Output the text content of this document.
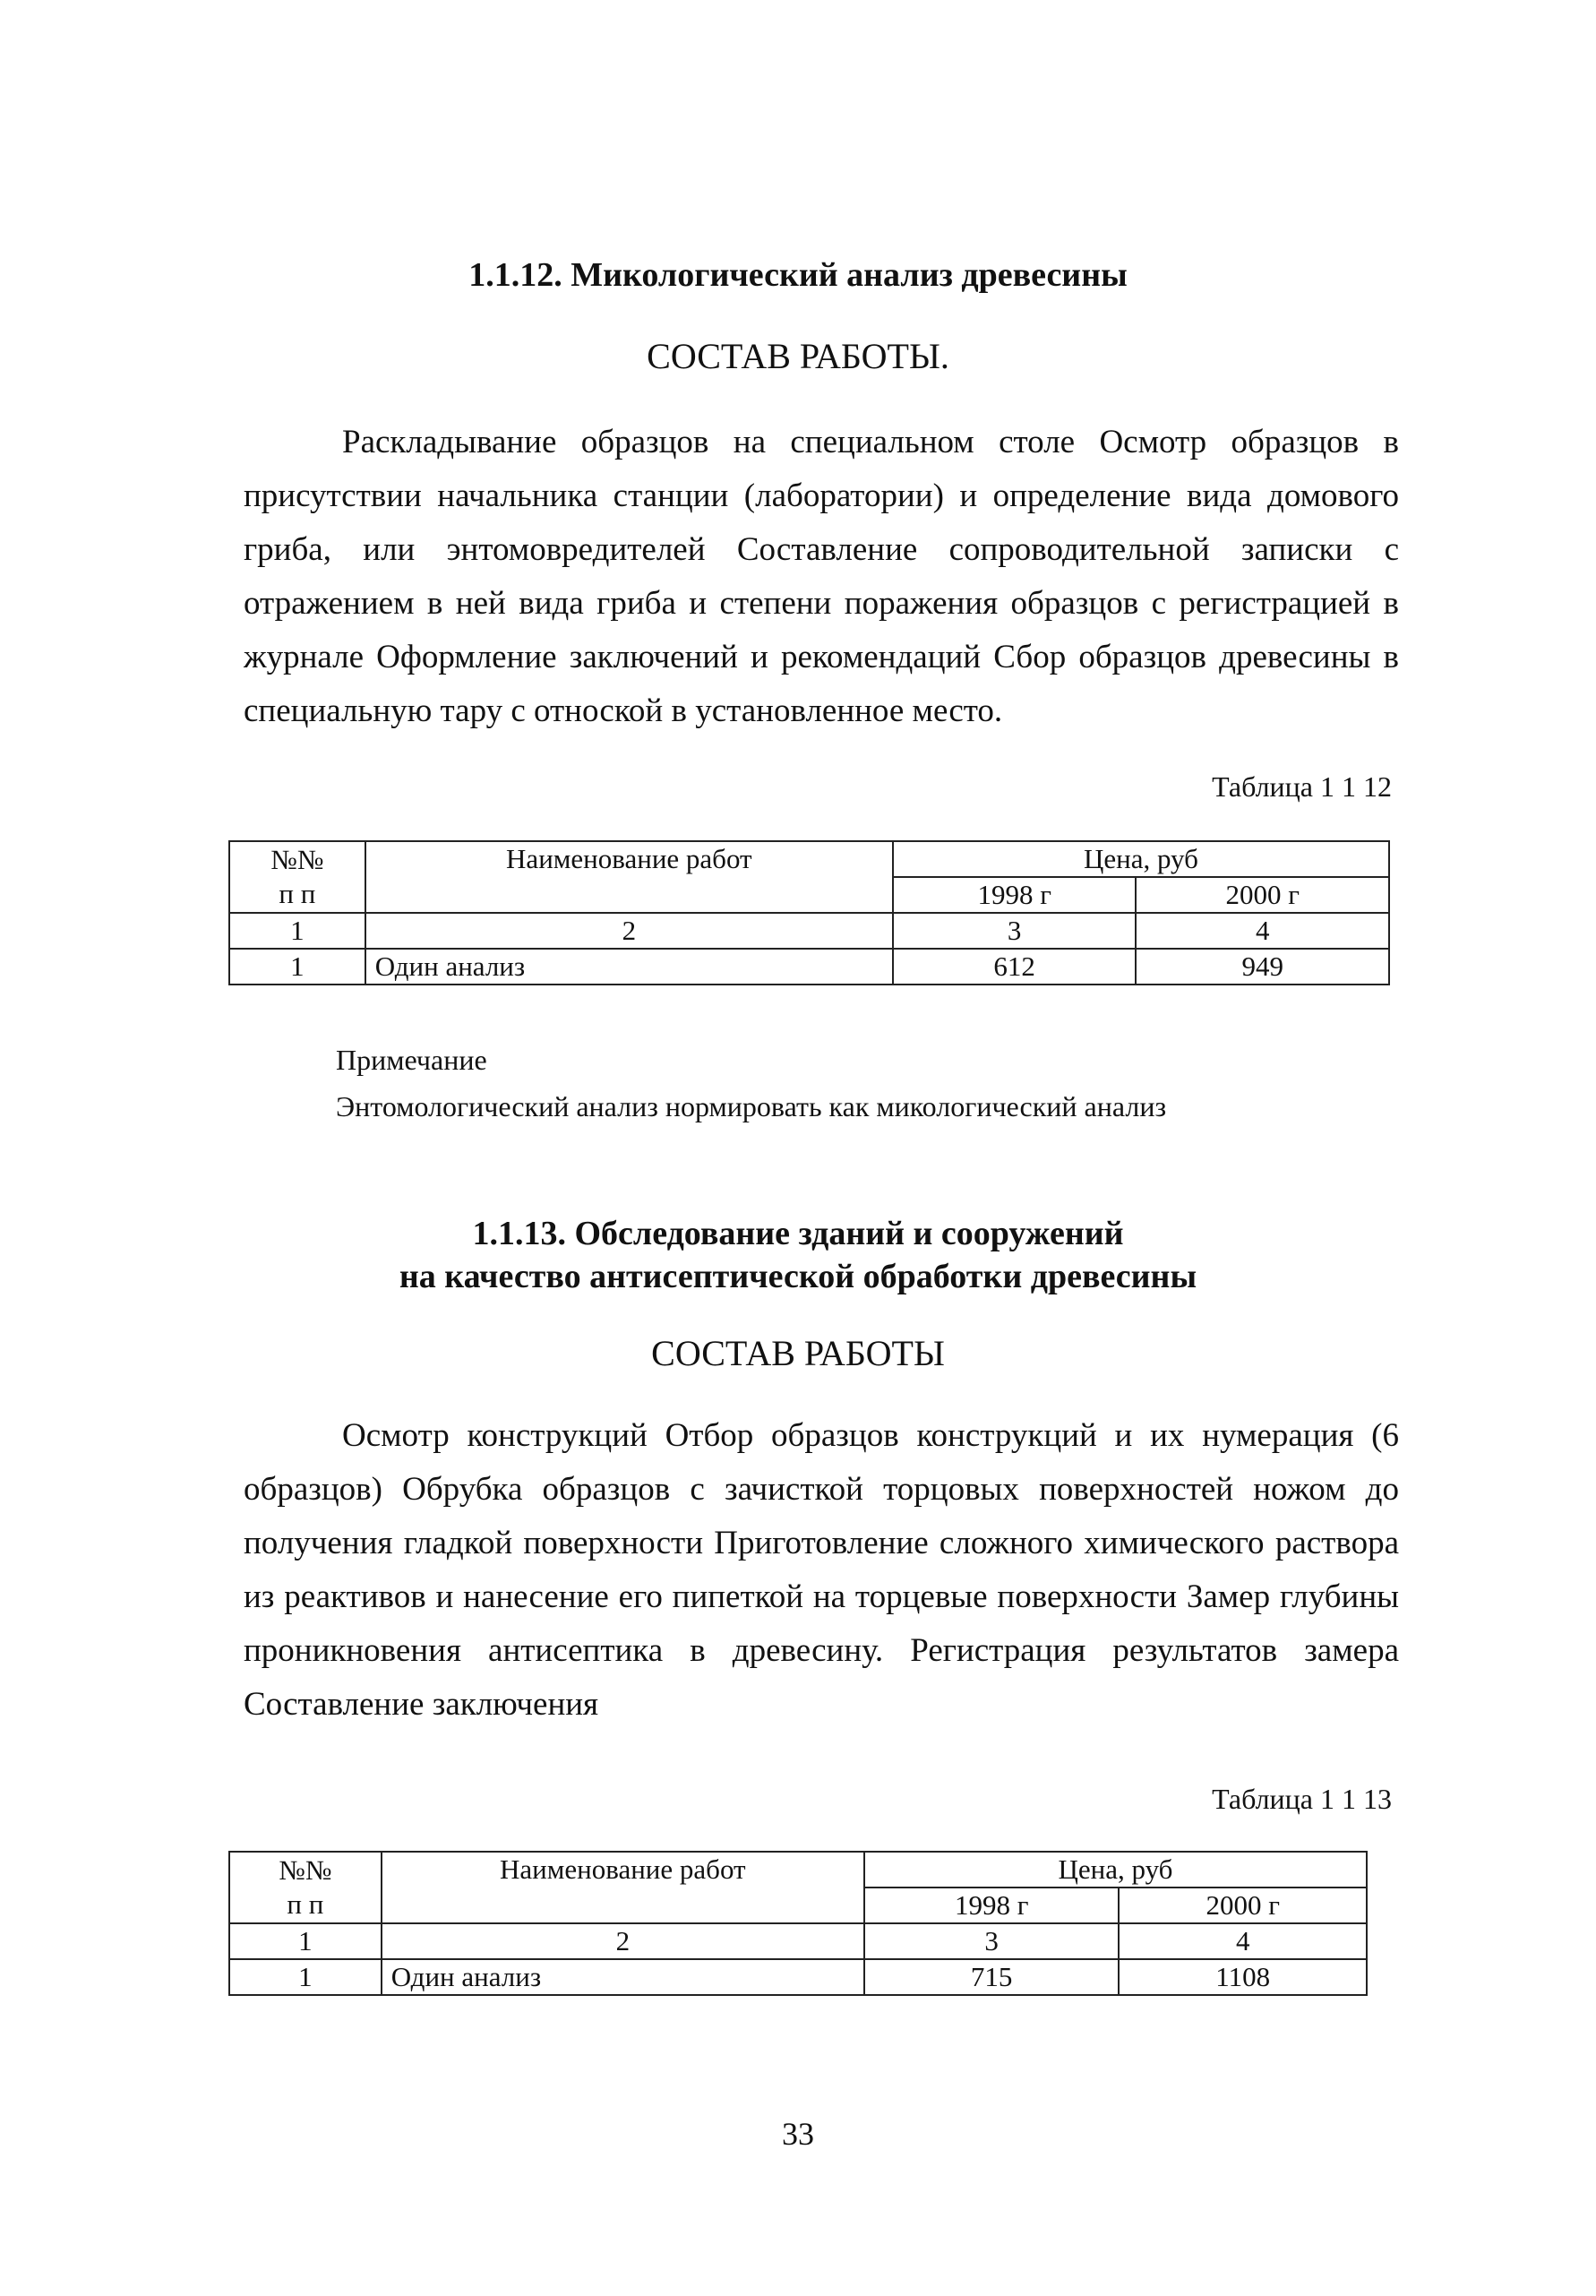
1.1.12. Микологический анализ древесины
СОСТАВ РАБОТЫ.

Раскладывание образцов на специальном столе Осмотр образцов в присутствии начальника станции (лаборатории) и определение вида домового гриба, или энтомовредителей Составление сопроводительной записки с отражением в ней вида гриба и степени поражения образцов с регистрацией в журнале Оформление заключений и рекомендаций Сбор образцов древесины в специальную тару с отноской в установленное место.

Таблица 1 1 12
№№
п п	Наименование работ	Цена, руб	
		1998 г	2000 г
1	2	3	4
1	Один анализ	612	949
Примечание
Энтомологический анализ нормировать как микологический анализ
1.1.13. Обследование зданий и сооружений
на качество антисептической обработки древесины
СОСТАВ РАБОТЫ

Осмотр конструкций Отбор образцов конструкций и их нумерация (6 образцов) Обрубка образцов с зачисткой торцовых поверхностей ножом до получения гладкой поверхности Приготовление сложного химического раствора из реактивов и нанесение его пипеткой на торцевые поверхности Замер глубины проникновения антисептика в древесину. Регистрация результатов замера Составление заключения

Таблица 1 1 13
№№
п п	Наименование работ	Цена, руб	
		1998 г	2000 г
1	2	3	4
1	Один анализ	715	1108
33
